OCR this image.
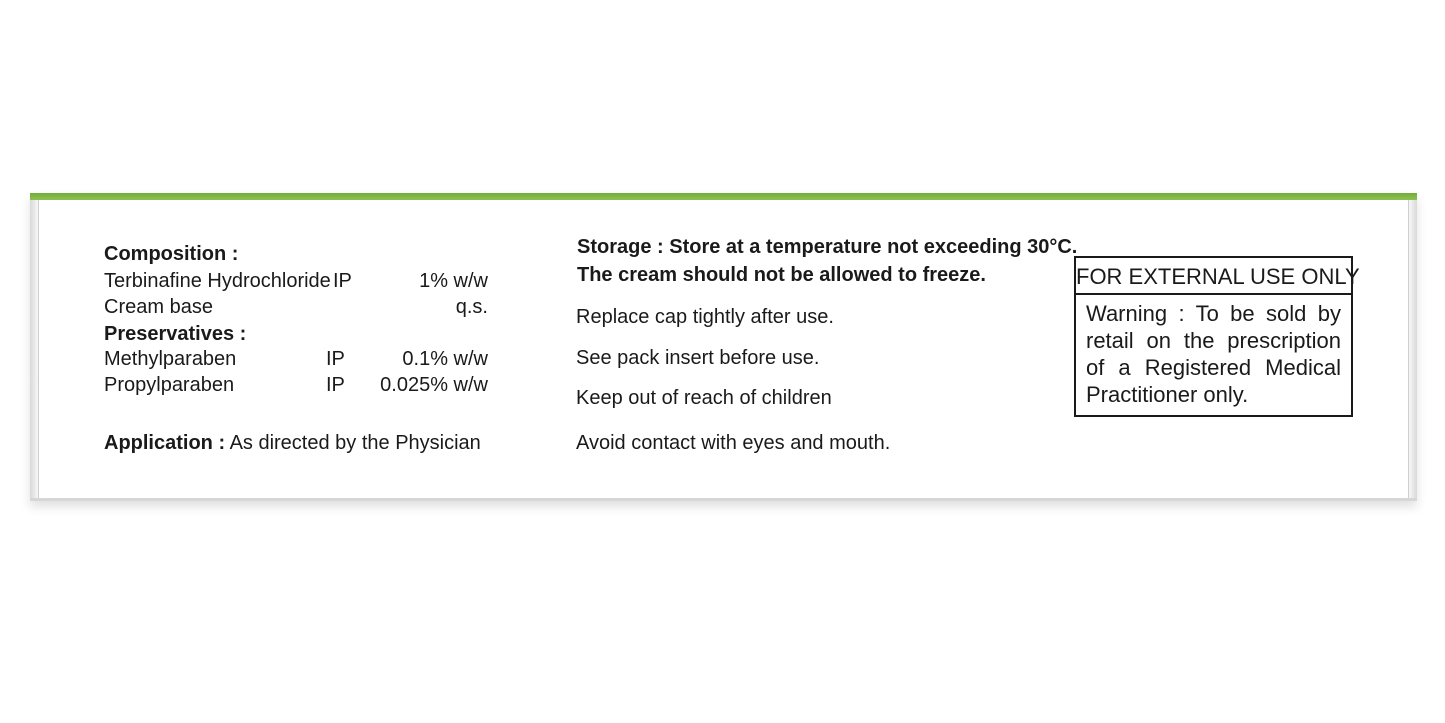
Composition :
Terbinafine Hydrochloride IP	1% w/w
Cream base	q.s.
Preservatives :
Methylparaben	IP	0.1% w/w
Propylparaben	IP	0.025% w/w
Application : As directed by the Physician
Storage : Store at a temperature not exceeding 30°C.
The cream should not be allowed to freeze.
Replace cap tightly after use.
See pack insert before use.
Keep out of reach of children
Avoid contact with eyes and mouth.
FOR EXTERNAL USE ONLY
Warning : To be sold by retail on the prescription of a Registered Medical Practitioner only.
